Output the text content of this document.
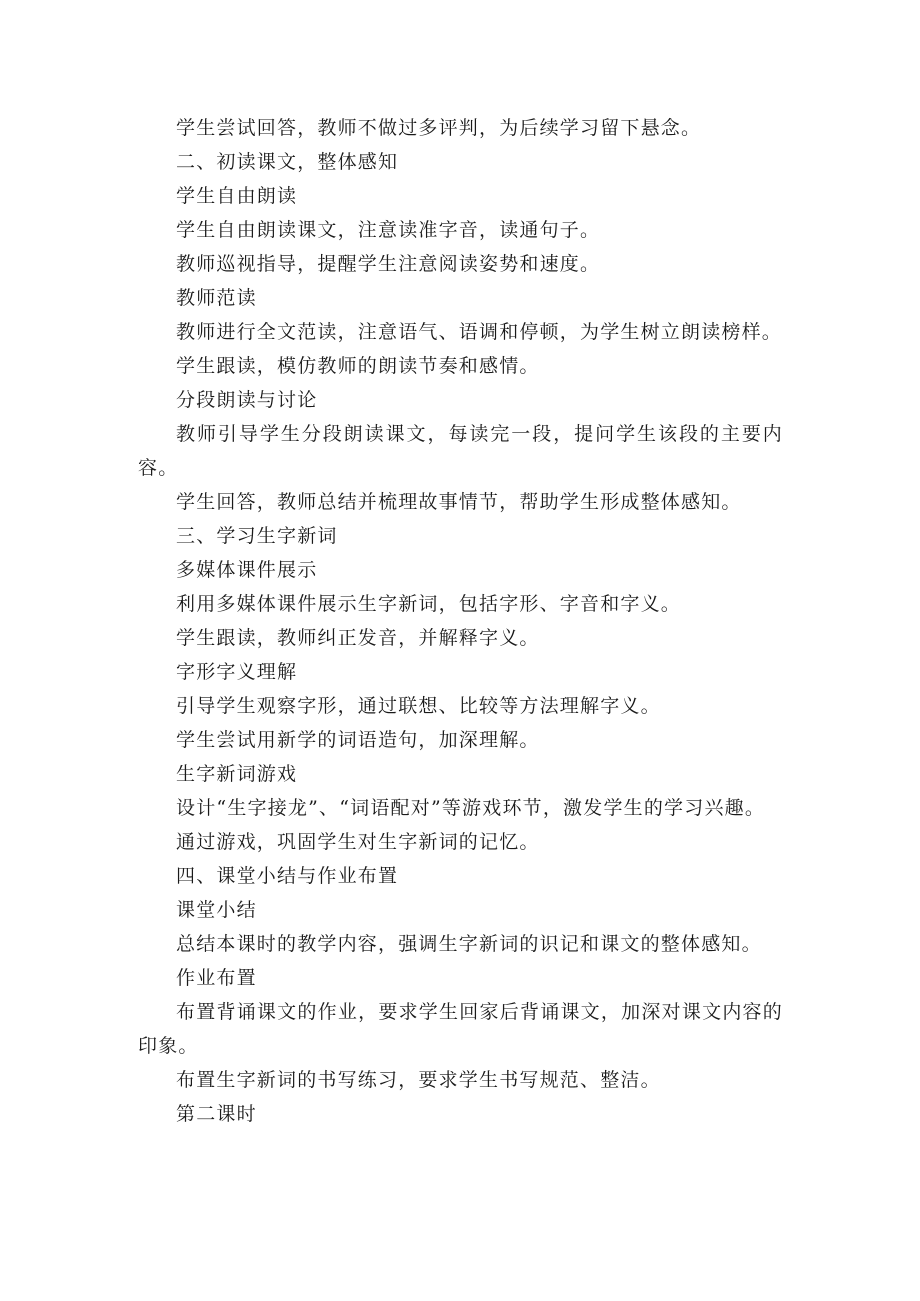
学生尝试回答，教师不做过多评判，为后续学习留下悬念。

二、初读课文，整体感知

学生自由朗读

学生自由朗读课文，注意读准字音，读通句子。

教师巡视指导，提醒学生注意阅读姿势和速度。

教师范读

教师进行全文范读，注意语气、语调和停顿，为学生树立朗读榜样。

学生跟读，模仿教师的朗读节奏和感情。

分段朗读与讨论

教师引导学生分段朗读课文，每读完一段，提问学生该段的主要内容。

学生回答，教师总结并梳理故事情节，帮助学生形成整体感知。

三、学习生字新词

多媒体课件展示

利用多媒体课件展示生字新词，包括字形、字音和字义。

学生跟读，教师纠正发音，并解释字义。

字形字义理解

引导学生观察字形，通过联想、比较等方法理解字义。

学生尝试用新学的词语造句，加深理解。

生字新词游戏

设计“生字接龙”、“词语配对”等游戏环节，激发学生的学习兴趣。

通过游戏，巩固学生对生字新词的记忆。

四、课堂小结与作业布置

课堂小结

总结本课时的教学内容，强调生字新词的识记和课文的整体感知。

作业布置

布置背诵课文的作业，要求学生回家后背诵课文，加深对课文内容的印象。

布置生字新词的书写练习，要求学生书写规范、整洁。

第二课时
